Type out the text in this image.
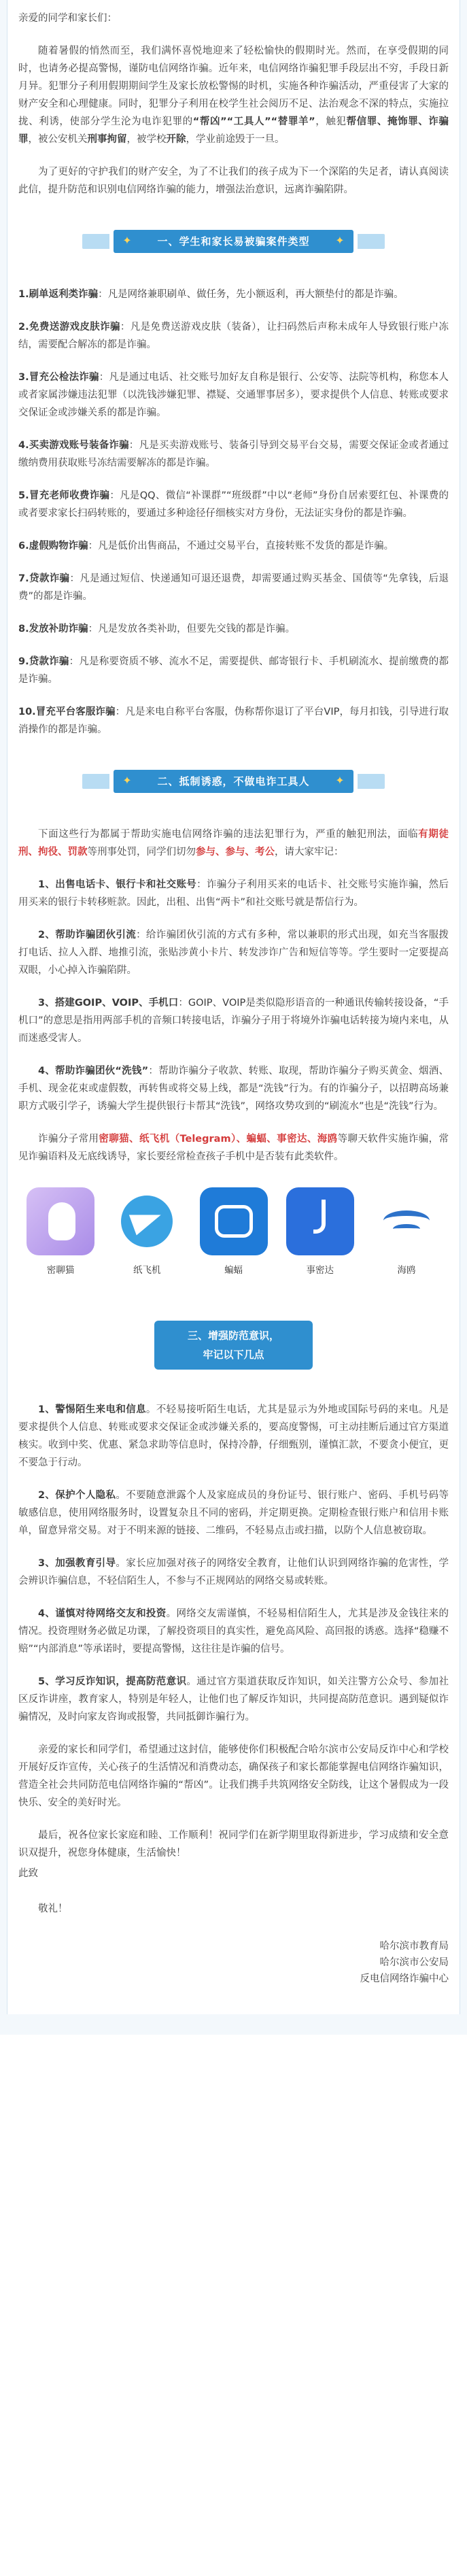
亲爱的同学和家长们：

随着暑假的悄然而至，我们满怀喜悦地迎来了轻松愉快的假期时光。然而，在享受假期的同时，也请务必提高警惕，谨防电信网络诈骗。近年来，电信网络诈骗犯罪手段层出不穷，手段日新月异。犯罪分子利用假期期间学生及家长放松警惕的时机，实施各种诈骗活动，严重侵害了大家的财产安全和心理健康。同时，犯罪分子利用在校学生社会阅历不足、法治观念不深的特点，实施拉拢、利诱，使部分学生沦为电诈犯罪的“帮凶”“工具人”“替罪羊”，触犯帮信罪、掩饰罪、诈骗罪，被公安机关刑事拘留，被学校开除，学业前途毁于一旦。

为了更好的守护我们的财产安全，为了不让我们的孩子成为下一个深陷的失足者，请认真阅读此信，提升防范和识别电信网络诈骗的能力，增强法治意识，远离诈骗陷阱。

✦	✦
一、学生和家长易被骗案件类型

1.刷单返利类诈骗：凡是网络兼职刷单、做任务，先小额返利，再大额垫付的都是诈骗。

2.免费送游戏皮肤诈骗：凡是免费送游戏皮肤（装备），让扫码然后声称未成年人导致银行账户冻结，需要配合解冻的都是诈骗。

3.冒充公检法诈骗：凡是通过电话、社交账号加好友自称是银行、公安等、法院等机构，称您本人或者家属涉嫌违法犯罪（以洗钱涉嫌犯罪、襟疑、交通罪事居多），要求提供个人信息、转账或要求交保证金或涉嫌关系的都是诈骗。

4.买卖游戏账号装备诈骗：凡是买卖游戏账号、装备引导到交易平台交易，需要交保证金或者通过缴纳费用获取账号冻结需要解冻的都是诈骗。

5.冒充老师收费诈骗：凡是QQ、微信“补课群”“班级群”中以“老师”身份自居索要红包、补课费的或者要求家长扫码转账的，要通过多种途径仔细核实对方身份，无法证实身份的都是诈骗。

6.虚假购物诈骗：凡是低价出售商品，不通过交易平台，直接转账不发货的都是诈骗。

7.贷款诈骗：凡是通过短信、快递通知可退还退费，却需要通过购买基金、国债等“先拿钱，后退费”的都是诈骗。

8.发放补助诈骗：凡是发放各类补助，但要先交钱的都是诈骗。

9.贷款诈骗：凡是称要资质不够、流水不足，需要提供、邮寄银行卡、手机刷流水、提前缴费的都是诈骗。

10.冒充平台客服诈骗：凡是来电自称平台客服，伪称帮你退订了平台VIP，每月扣钱，引导进行取消操作的都是诈骗。

✦	✦
二、抵制诱惑，不做电诈工具人

下面这些行为都属于帮助实施电信网络诈骗的违法犯罪行为，严重的触犯刑法，面临有期徒刑、拘役、罚款等刑事处罚，同学们切勿参与、参与、考公，请大家牢记：

1、出售电话卡、银行卡和社交账号：诈骗分子利用买来的电话卡、社交账号实施诈骗，然后用买来的银行卡转移赃款。因此，出租、出售“两卡”和社交账号就是帮信行为。

2、帮助诈骗团伙引流：给诈骗团伙引流的方式有多种，常以兼职的形式出现，如充当客服拨打电话、拉人入群、地推引流，张贴涉黄小卡片、转发涉诈广告和短信等等。学生要时一定要提高双眼，小心掉入诈骗陷阱。

3、搭建GOIP、VOIP、手机口：GOIP、VOIP是类似隐形语音的一种通讯传输转接设备，“手机口”的意思是指用两部手机的音频口转接电话，诈骗分子用于将境外诈骗电话转接为境内来电，从而迷惑受害人。

4、帮助诈骗团伙“洗钱”：帮助诈骗分子收款、转账、取现，帮助诈骗分子购买黄金、烟酒、手机、现金花束或虚假数，再转售或将交易上线，都是“洗钱”行为。有的诈骗分子，以招聘高场兼职方式吸引学子，诱骗大学生提供银行卡帮其“洗钱”，网络攻势攻到的“刷流水”也是“洗钱”行为。

诈骗分子常用密聊猫、纸飞机（Telegram）、蝙蝠、事密达、海鸥等聊天软件实施诈骗，常见诈骗语料及无底线诱导，家长要经常检查孩子手机中是否装有此类软件。

密聊猫	纸飞机	蝙蝠	事密达	海鸥
三、增强防范意识，
牢记以下几点

1、警惕陌生来电和信息。不轻易接听陌生电话，尤其是显示为外地或国际号码的来电。凡是要求提供个人信息、转账或要求交保证金或涉嫌关系的，要高度警惕，可主动挂断后通过官方渠道核实。收到中奖、优惠、紧急求助等信息时，保持冷静，仔细甄别，谨慎汇款，不要贪小便宜，更不要急于行动。

2、保护个人隐私。不要随意泄露个人及家庭成员的身份证号、银行账户、密码、手机号码等敏感信息，使用网络服务时，设置复杂且不同的密码，并定期更换。定期检查银行账户和信用卡账单，留意异常交易。对于不明来源的链接、二维码，不轻易点击或扫描，以防个人信息被窃取。

3、加强教育引导。家长应加强对孩子的网络安全教育，让他们认识到网络诈骗的危害性，学会辨识诈骗信息，不轻信陌生人，不参与不正规网站的网络交易或转账。

4、谨慎对待网络交友和投资。网络交友需谨慎，不轻易相信陌生人，尤其是涉及金钱往来的情况。投资理财务必做足功课，了解投资项目的真实性，避免高风险、高回报的诱惑。选择“稳赚不赔”“内部消息”等承诺时，要提高警惕，这往往是诈骗的信号。

5、学习反诈知识，提高防范意识。通过官方渠道获取反诈知识，如关注警方公众号、参加社区反诈讲座，教育家人，特别是年轻人，让他们也了解反诈知识，共同提高防范意识。遇到疑似诈骗情况，及时向家友咨询或报警，共同抵御诈骗行为。

亲爱的家长和同学们，希望通过这封信，能够使你们积极配合哈尔滨市公安局反诈中心和学校开展好反诈宣传，关心孩子的生活情况和消费动态，确保孩子和家长都能掌握电信网络诈骗知识，营造全社会共同防范电信网络诈骗的“帮凶”。让我们携手共筑网络安全防线，让这个暑假成为一段快乐、安全的美好时光。

最后，祝各位家长家庭和睦、工作顺利！祝同学们在新学期里取得新进步，学习成绩和安全意识双提升，祝您身体健康，生活愉快！

此致

敬礼！

哈尔滨市教育局
哈尔滨市公安局
反电信网络诈骗中心
